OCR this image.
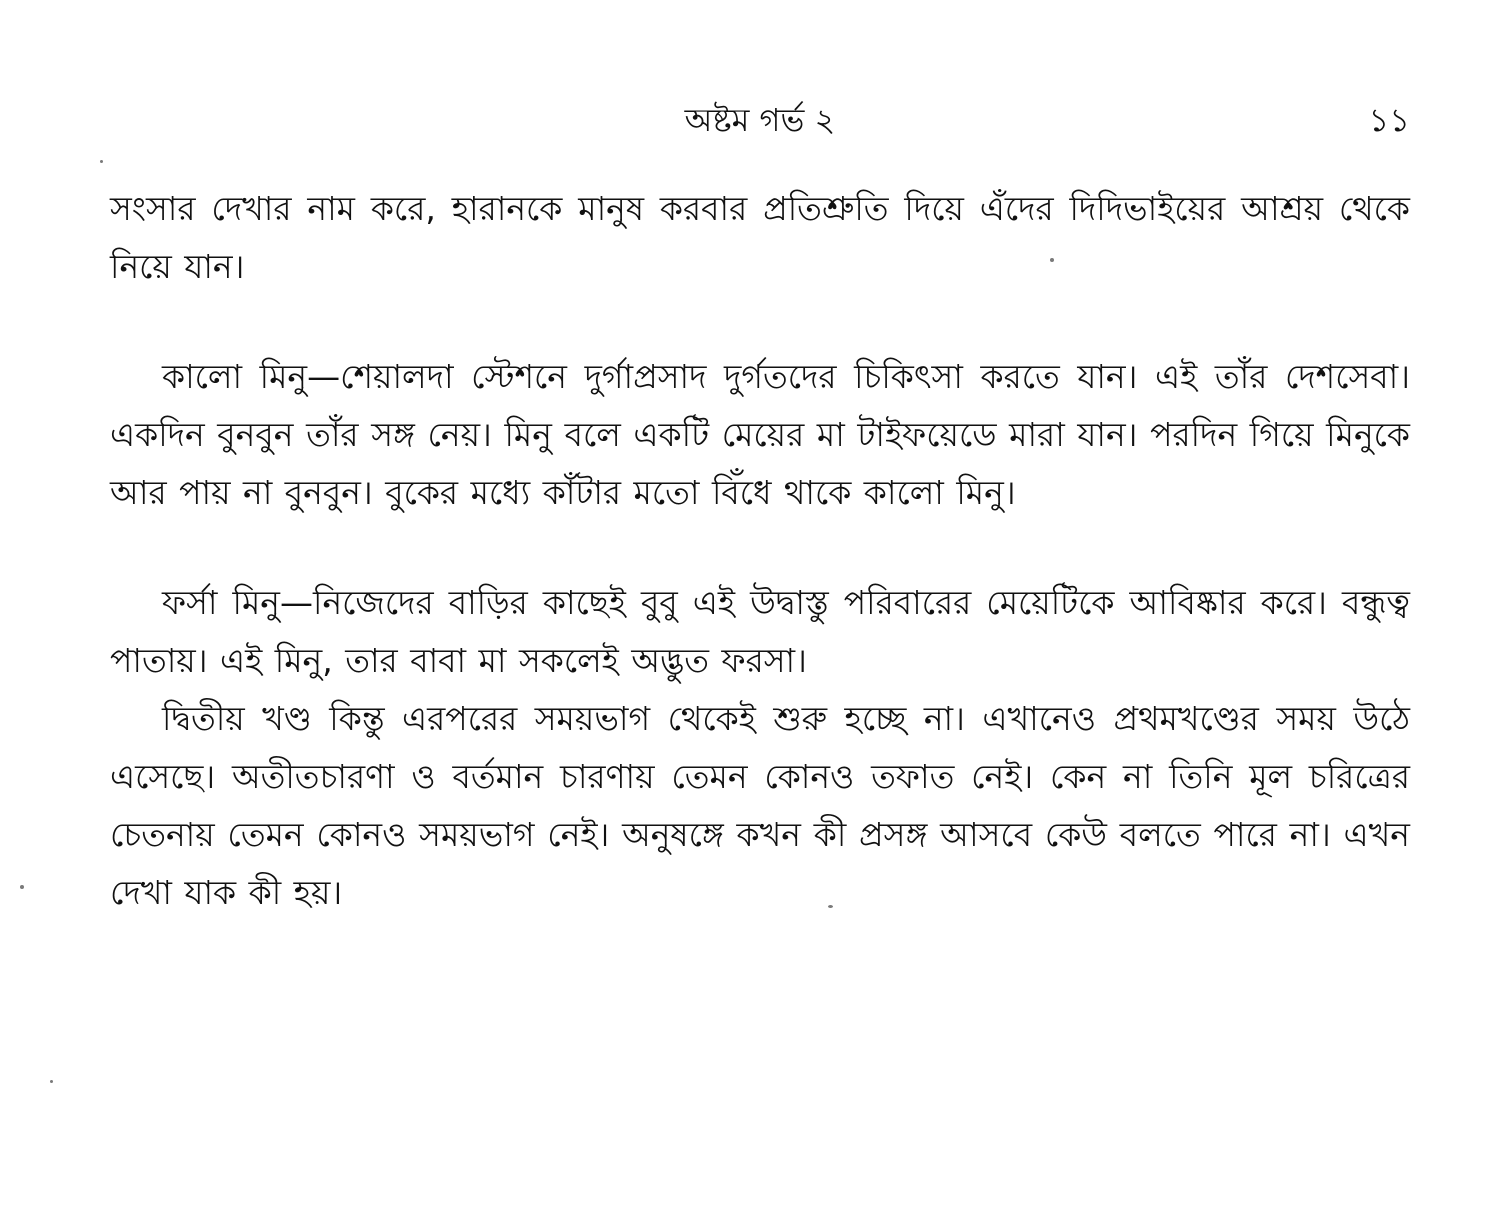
অষ্টম গর্ভ ২	১১

সংসার দেখার নাম করে, হারানকে মানুষ করবার প্রতিশ্রুতি দিয়ে এঁদের দিদিভাইয়ের আশ্রয় থেকে নিয়ে যান।

কালো মিনু—শেয়ালদা স্টেশনে দুর্গাপ্রসাদ দুর্গতদের চিকিৎসা করতে যান। এই তাঁর দেশসেবা। একদিন বুনবুন তাঁর সঙ্গ নেয়। মিনু বলে একটি মেয়ের মা টাইফয়েডে মারা যান। পরদিন গিয়ে মিনুকে আর পায় না বুনবুন। বুকের মধ্যে কাঁটার মতো বিঁধে থাকে কালো মিনু।

ফর্সা মিনু—নিজেদের বাড়ির কাছেই বুবু এই উদ্বাস্তু পরিবারের মেয়েটিকে আবিষ্কার করে। বন্ধুত্ব পাতায়। এই মিনু, তার বাবা মা সকলেই অদ্ভুত ফরসা।

দ্বিতীয় খণ্ড কিন্তু এরপরের সময়ভাগ থেকেই শুরু হচ্ছে না। এখানেও প্রথমখণ্ডের সময় উঠে এসেছে। অতীতচারণা ও বর্তমান চারণায় তেমন কোনও তফাত নেই। কেন না তিনি মূল চরিত্রের চেতনায় তেমন কোনও সময়ভাগ নেই। অনুষঙ্গে কখন কী প্রসঙ্গ আসবে কেউ বলতে পারে না। এখন দেখা যাক কী হয়।
